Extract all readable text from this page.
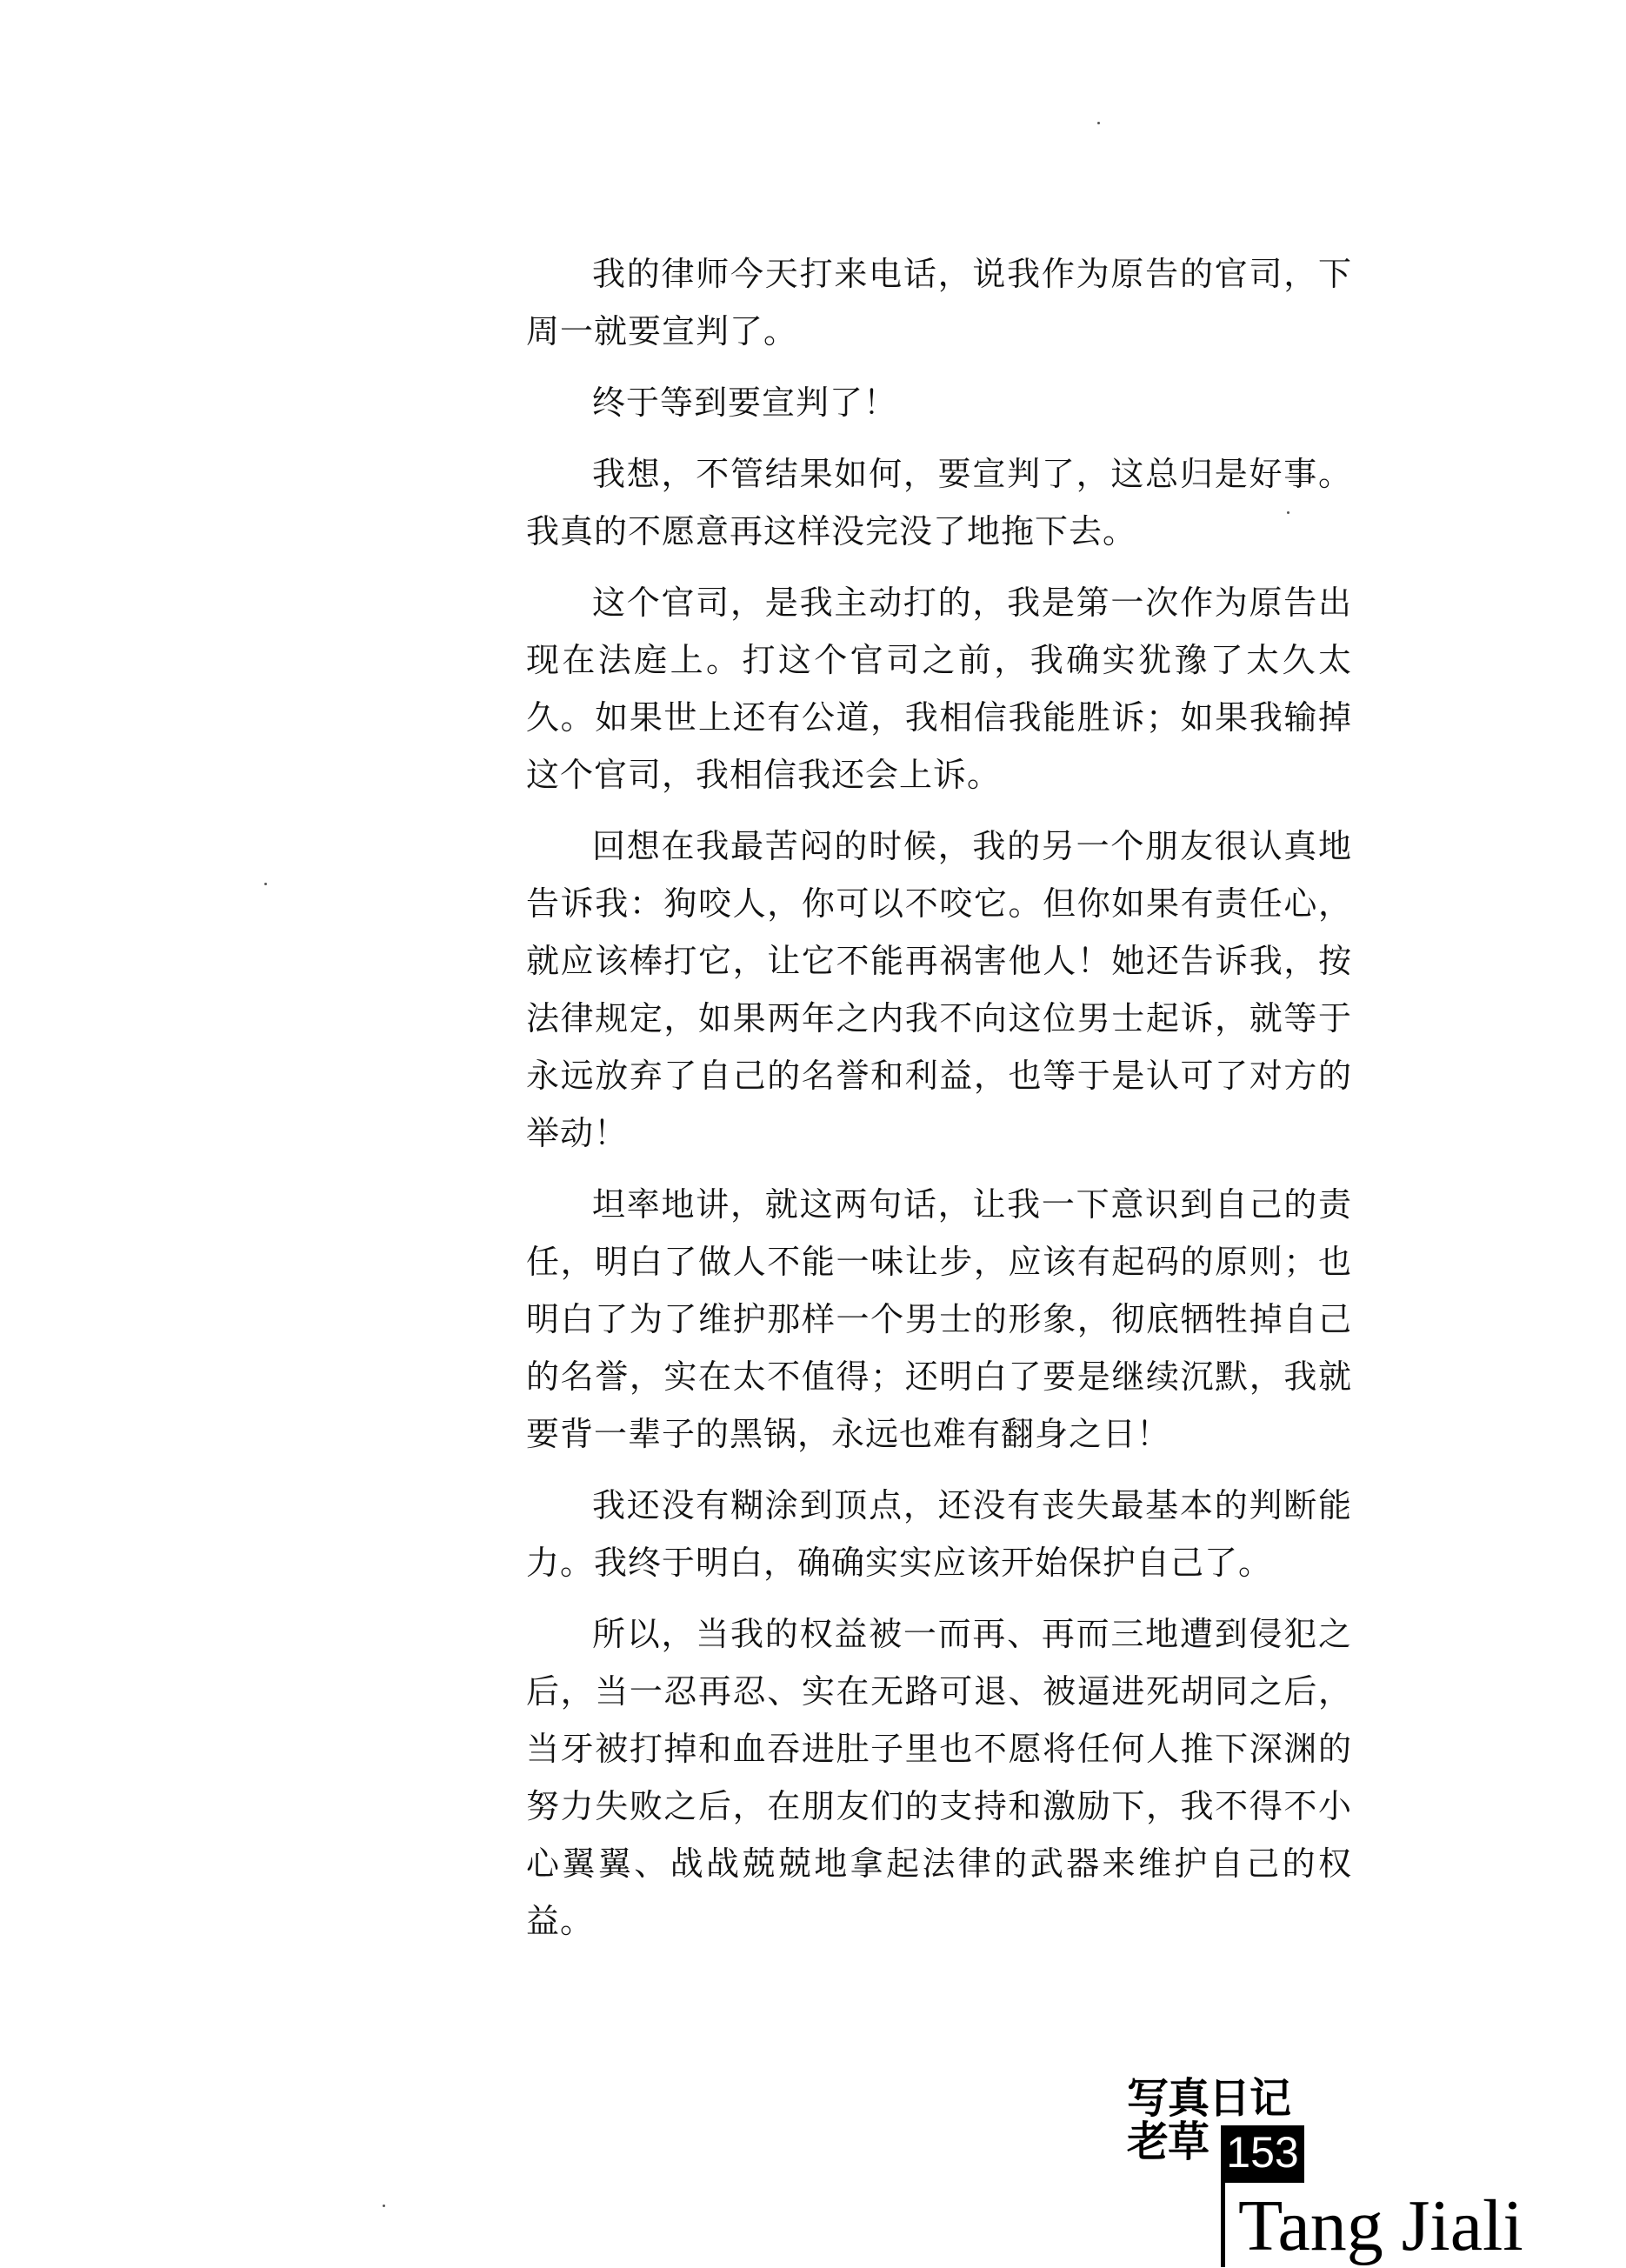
我的律师今天打来电话，说我作为原告的官司，下周一就要宣判了。

终于等到要宣判了！

我想，不管结果如何，要宣判了，这总归是好事。我真的不愿意再这样没完没了地拖下去。

这个官司，是我主动打的，我是第一次作为原告出现在法庭上。打这个官司之前，我确实犹豫了太久太久。如果世上还有公道，我相信我能胜诉；如果我输掉这个官司，我相信我还会上诉。

回想在我最苦闷的时候，我的另一个朋友很认真地告诉我：狗咬人，你可以不咬它。但你如果有责任心，就应该棒打它，让它不能再祸害他人！她还告诉我，按法律规定，如果两年之内我不向这位男士起诉，就等于永远放弃了自己的名誉和利益，也等于是认可了对方的举动！

坦率地讲，就这两句话，让我一下意识到自己的责任，明白了做人不能一味让步，应该有起码的原则；也明白了为了维护那样一个男士的形象，彻底牺牲掉自己的名誉，实在太不值得；还明白了要是继续沉默，我就要背一辈子的黑锅，永远也难有翻身之日！

我还没有糊涂到顶点，还没有丧失最基本的判断能力。我终于明白，确确实实应该开始保护自己了。

所以，当我的权益被一而再、再而三地遭到侵犯之后，当一忍再忍、实在无路可退、被逼进死胡同之后，当牙被打掉和血吞进肚子里也不愿将任何人推下深渊的努力失败之后，在朋友们的支持和激励下，我不得不小心翼翼、战战兢兢地拿起法律的武器来维护自己的权益。

写真日记
老草 153
Tang Jiali
